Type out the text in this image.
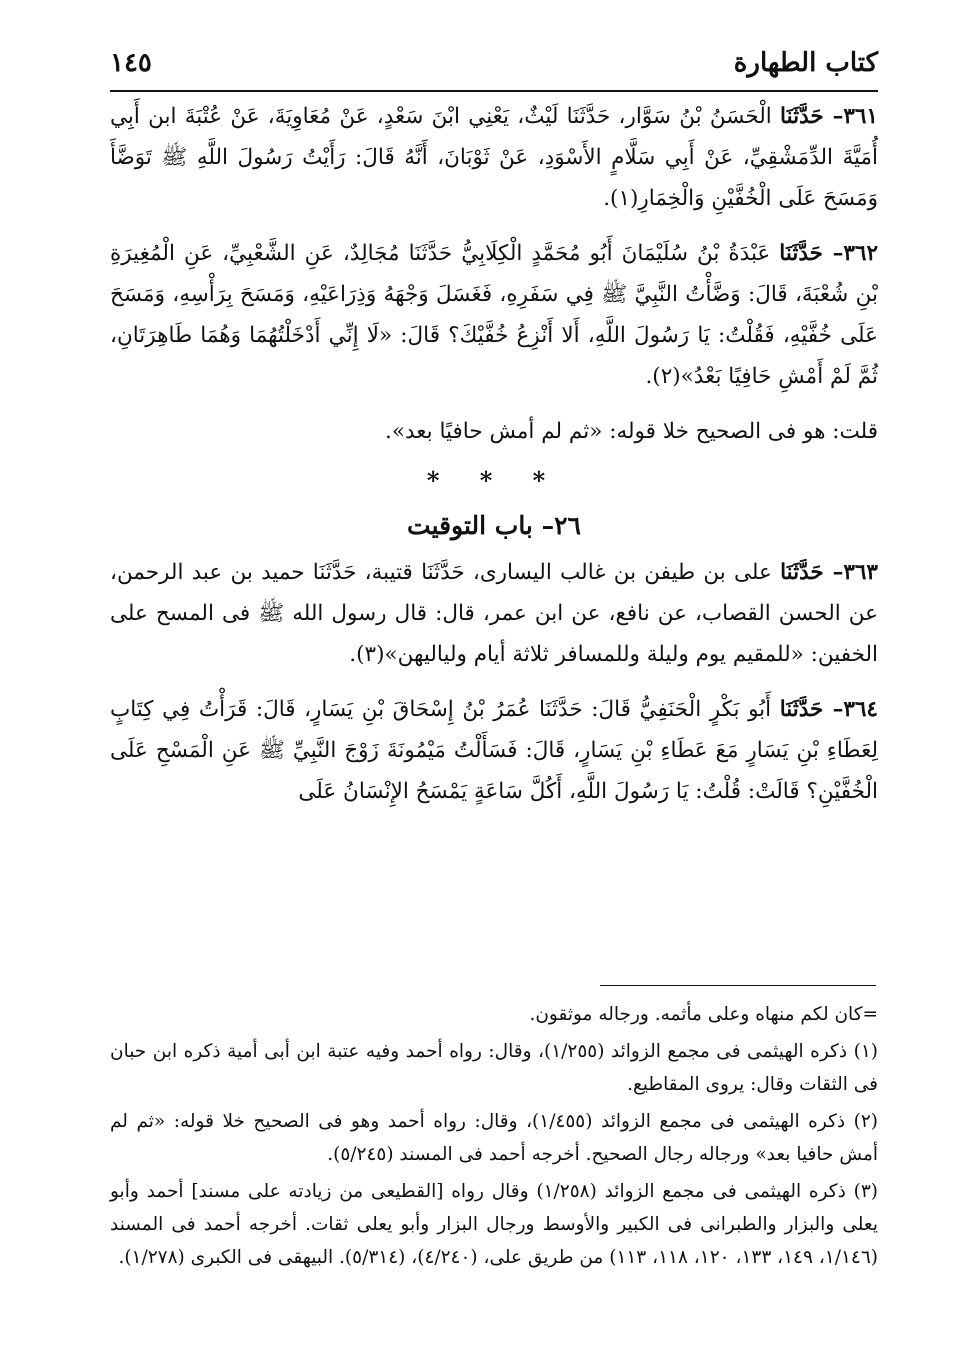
كتاب الطهارة
١٤٥

٣٦١– حَدَّثَنَا الْحَسَنُ بْنُ سَوَّار، حَدَّثَنَا لَيْثٌ، يَعْنِي ابْنَ سَعْدٍ، عَنْ مُعَاوِيَةَ، عَنْ عُتْبَةَ ابن أَبِي أُمَيَّةَ الدِّمَشْقِيِّ، عَنْ أَبِي سَلَّامٍ الأَسْوَدِ، عَنْ ثَوْبَانَ، أَنَّهُ قَالَ: رَأَيْتُ رَسُولَ اللَّهِ ﷺ تَوَضَّأَ وَمَسَحَ عَلَى الْخُفَّيْنِ وَالْخِمَارِ(١).

٣٦٢– حَدَّثَنَا عَبْدَةُ بْنُ سُلَيْمَانَ أَبُو مُحَمَّدٍ الْكِلَابِيُّ حَدَّثَنَا مُجَالِدٌ، عَنِ الشَّعْبِيِّ، عَنِ الْمُغِيرَةِ بْنِ شُعْبَةَ، قَالَ: وَضَّأْتُ النَّبِيَّ ﷺ فِي سَفَرِهِ، فَغَسَلَ وَجْهَهُ وَذِرَاعَيْهِ، وَمَسَحَ بِرَأْسِهِ، وَمَسَحَ عَلَى خُفَّيْهِ، فَقُلْتُ: يَا رَسُولَ اللَّهِ، أَلا أَنْزِعُ خُفَّيْكَ؟ قَالَ: «لَا إِنِّي أَدْخَلْتُهُمَا وَهُمَا طَاهِرَتَانِ، ثُمَّ لَمْ أَمْشِ حَافِيًا بَعْدُ»(٢).

قلت: هو فى الصحيح خلا قوله: «ثم لم أمش حافيًا بعد».

* * *

٢٦– باب التوقيت

٣٦٣– حَدَّثَنَا على بن طيفن بن غالب اليسارى، حَدَّثَنَا قتيبة، حَدَّثَنَا حميد بن عبد الرحمن، عن الحسن القصاب، عن نافع، عن ابن عمر، قال: قال رسول الله ﷺ فى المسح على الخفين: «للمقيم يوم وليلة وللمسافر ثلاثة أيام ولياليهن»(٣).

٣٦٤– حَدَّثَنَا أَبُو بَكْرٍ الْحَنَفِيُّ قَالَ: حَدَّثَنَا عُمَرُ بْنُ إِسْحَاقَ بْنِ يَسَارٍ، قَالَ: قَرَأْتُ فِي كِتَابٍ لِعَطَاءِ بْنِ يَسَارٍ مَعَ عَطَاءِ بْنِ يَسَارٍ، قَالَ: فَسَأَلْتُ مَيْمُونَةَ زَوْجَ النَّبِيِّ ﷺ عَنِ الْمَسْحِ عَلَى الْخُفَّيْنِ؟ قَالَتْ: قُلْتُ: يَا رَسُولَ اللَّهِ، أَكُلَّ سَاعَةٍ يَمْسَحُ الإِنْسَانُ عَلَى

=كان لكم منهاه وعلى مأثمه. ورجاله موثقون.

(١) ذكره الهيثمى فى مجمع الزوائد (١/٢٥٥)، وقال: رواه أحمد وفيه عتبة ابن أبى أمية ذكره ابن حبان فى الثقات وقال: يروى المقاطيع.

(٢) ذكره الهيثمى فى مجمع الزوائد (١/٤٥٥)، وقال: رواه أحمد وهو فى الصحيح خلا قوله: «ثم لم أمش حافيا بعد» ورجاله رجال الصحيح. أخرجه أحمد فى المسند (٥/٢٤٥).

(٣) ذكره الهيثمى فى مجمع الزوائد (١/٢٥٨) وقال رواه [القطيعى من زيادته على مسند] أحمد وأبو يعلى والبزار والطبرانى فى الكبير والأوسط ورجال البزار وأبو يعلى ثقات. أخرجه أحمد فى المسند (١/١٤٦، ١٤٩، ١٣٣، ١٢٠، ١١٨، ١١٣) من طريق على، (٤/٢٤٠)، (٥/٣١٤). البيهقى فى الكبرى (١/٢٧٨).
